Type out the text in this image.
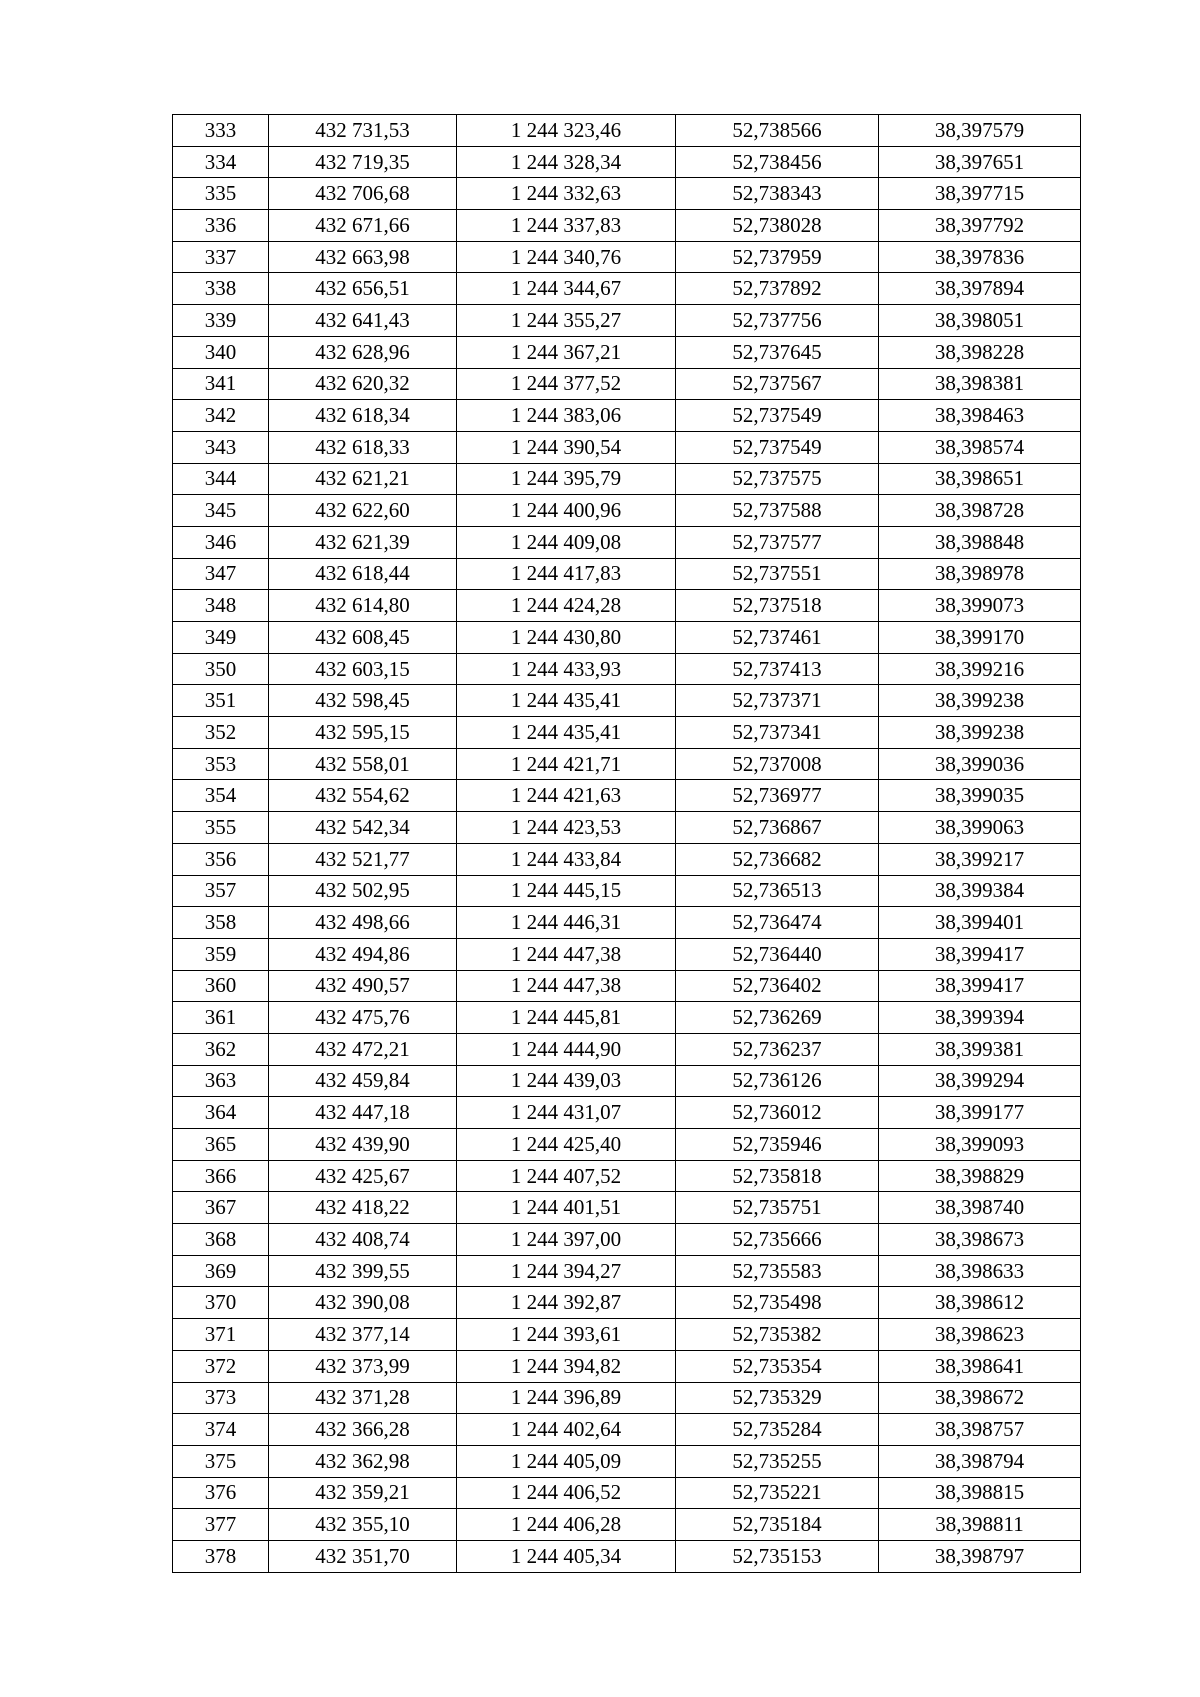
333	432 731,53	1 244 323,46	52,738566	38,397579
334	432 719,35	1 244 328,34	52,738456	38,397651
335	432 706,68	1 244 332,63	52,738343	38,397715
336	432 671,66	1 244 337,83	52,738028	38,397792
337	432 663,98	1 244 340,76	52,737959	38,397836
338	432 656,51	1 244 344,67	52,737892	38,397894
339	432 641,43	1 244 355,27	52,737756	38,398051
340	432 628,96	1 244 367,21	52,737645	38,398228
341	432 620,32	1 244 377,52	52,737567	38,398381
342	432 618,34	1 244 383,06	52,737549	38,398463
343	432 618,33	1 244 390,54	52,737549	38,398574
344	432 621,21	1 244 395,79	52,737575	38,398651
345	432 622,60	1 244 400,96	52,737588	38,398728
346	432 621,39	1 244 409,08	52,737577	38,398848
347	432 618,44	1 244 417,83	52,737551	38,398978
348	432 614,80	1 244 424,28	52,737518	38,399073
349	432 608,45	1 244 430,80	52,737461	38,399170
350	432 603,15	1 244 433,93	52,737413	38,399216
351	432 598,45	1 244 435,41	52,737371	38,399238
352	432 595,15	1 244 435,41	52,737341	38,399238
353	432 558,01	1 244 421,71	52,737008	38,399036
354	432 554,62	1 244 421,63	52,736977	38,399035
355	432 542,34	1 244 423,53	52,736867	38,399063
356	432 521,77	1 244 433,84	52,736682	38,399217
357	432 502,95	1 244 445,15	52,736513	38,399384
358	432 498,66	1 244 446,31	52,736474	38,399401
359	432 494,86	1 244 447,38	52,736440	38,399417
360	432 490,57	1 244 447,38	52,736402	38,399417
361	432 475,76	1 244 445,81	52,736269	38,399394
362	432 472,21	1 244 444,90	52,736237	38,399381
363	432 459,84	1 244 439,03	52,736126	38,399294
364	432 447,18	1 244 431,07	52,736012	38,399177
365	432 439,90	1 244 425,40	52,735946	38,399093
366	432 425,67	1 244 407,52	52,735818	38,398829
367	432 418,22	1 244 401,51	52,735751	38,398740
368	432 408,74	1 244 397,00	52,735666	38,398673
369	432 399,55	1 244 394,27	52,735583	38,398633
370	432 390,08	1 244 392,87	52,735498	38,398612
371	432 377,14	1 244 393,61	52,735382	38,398623
372	432 373,99	1 244 394,82	52,735354	38,398641
373	432 371,28	1 244 396,89	52,735329	38,398672
374	432 366,28	1 244 402,64	52,735284	38,398757
375	432 362,98	1 244 405,09	52,735255	38,398794
376	432 359,21	1 244 406,52	52,735221	38,398815
377	432 355,10	1 244 406,28	52,735184	38,398811
378	432 351,70	1 244 405,34	52,735153	38,398797
